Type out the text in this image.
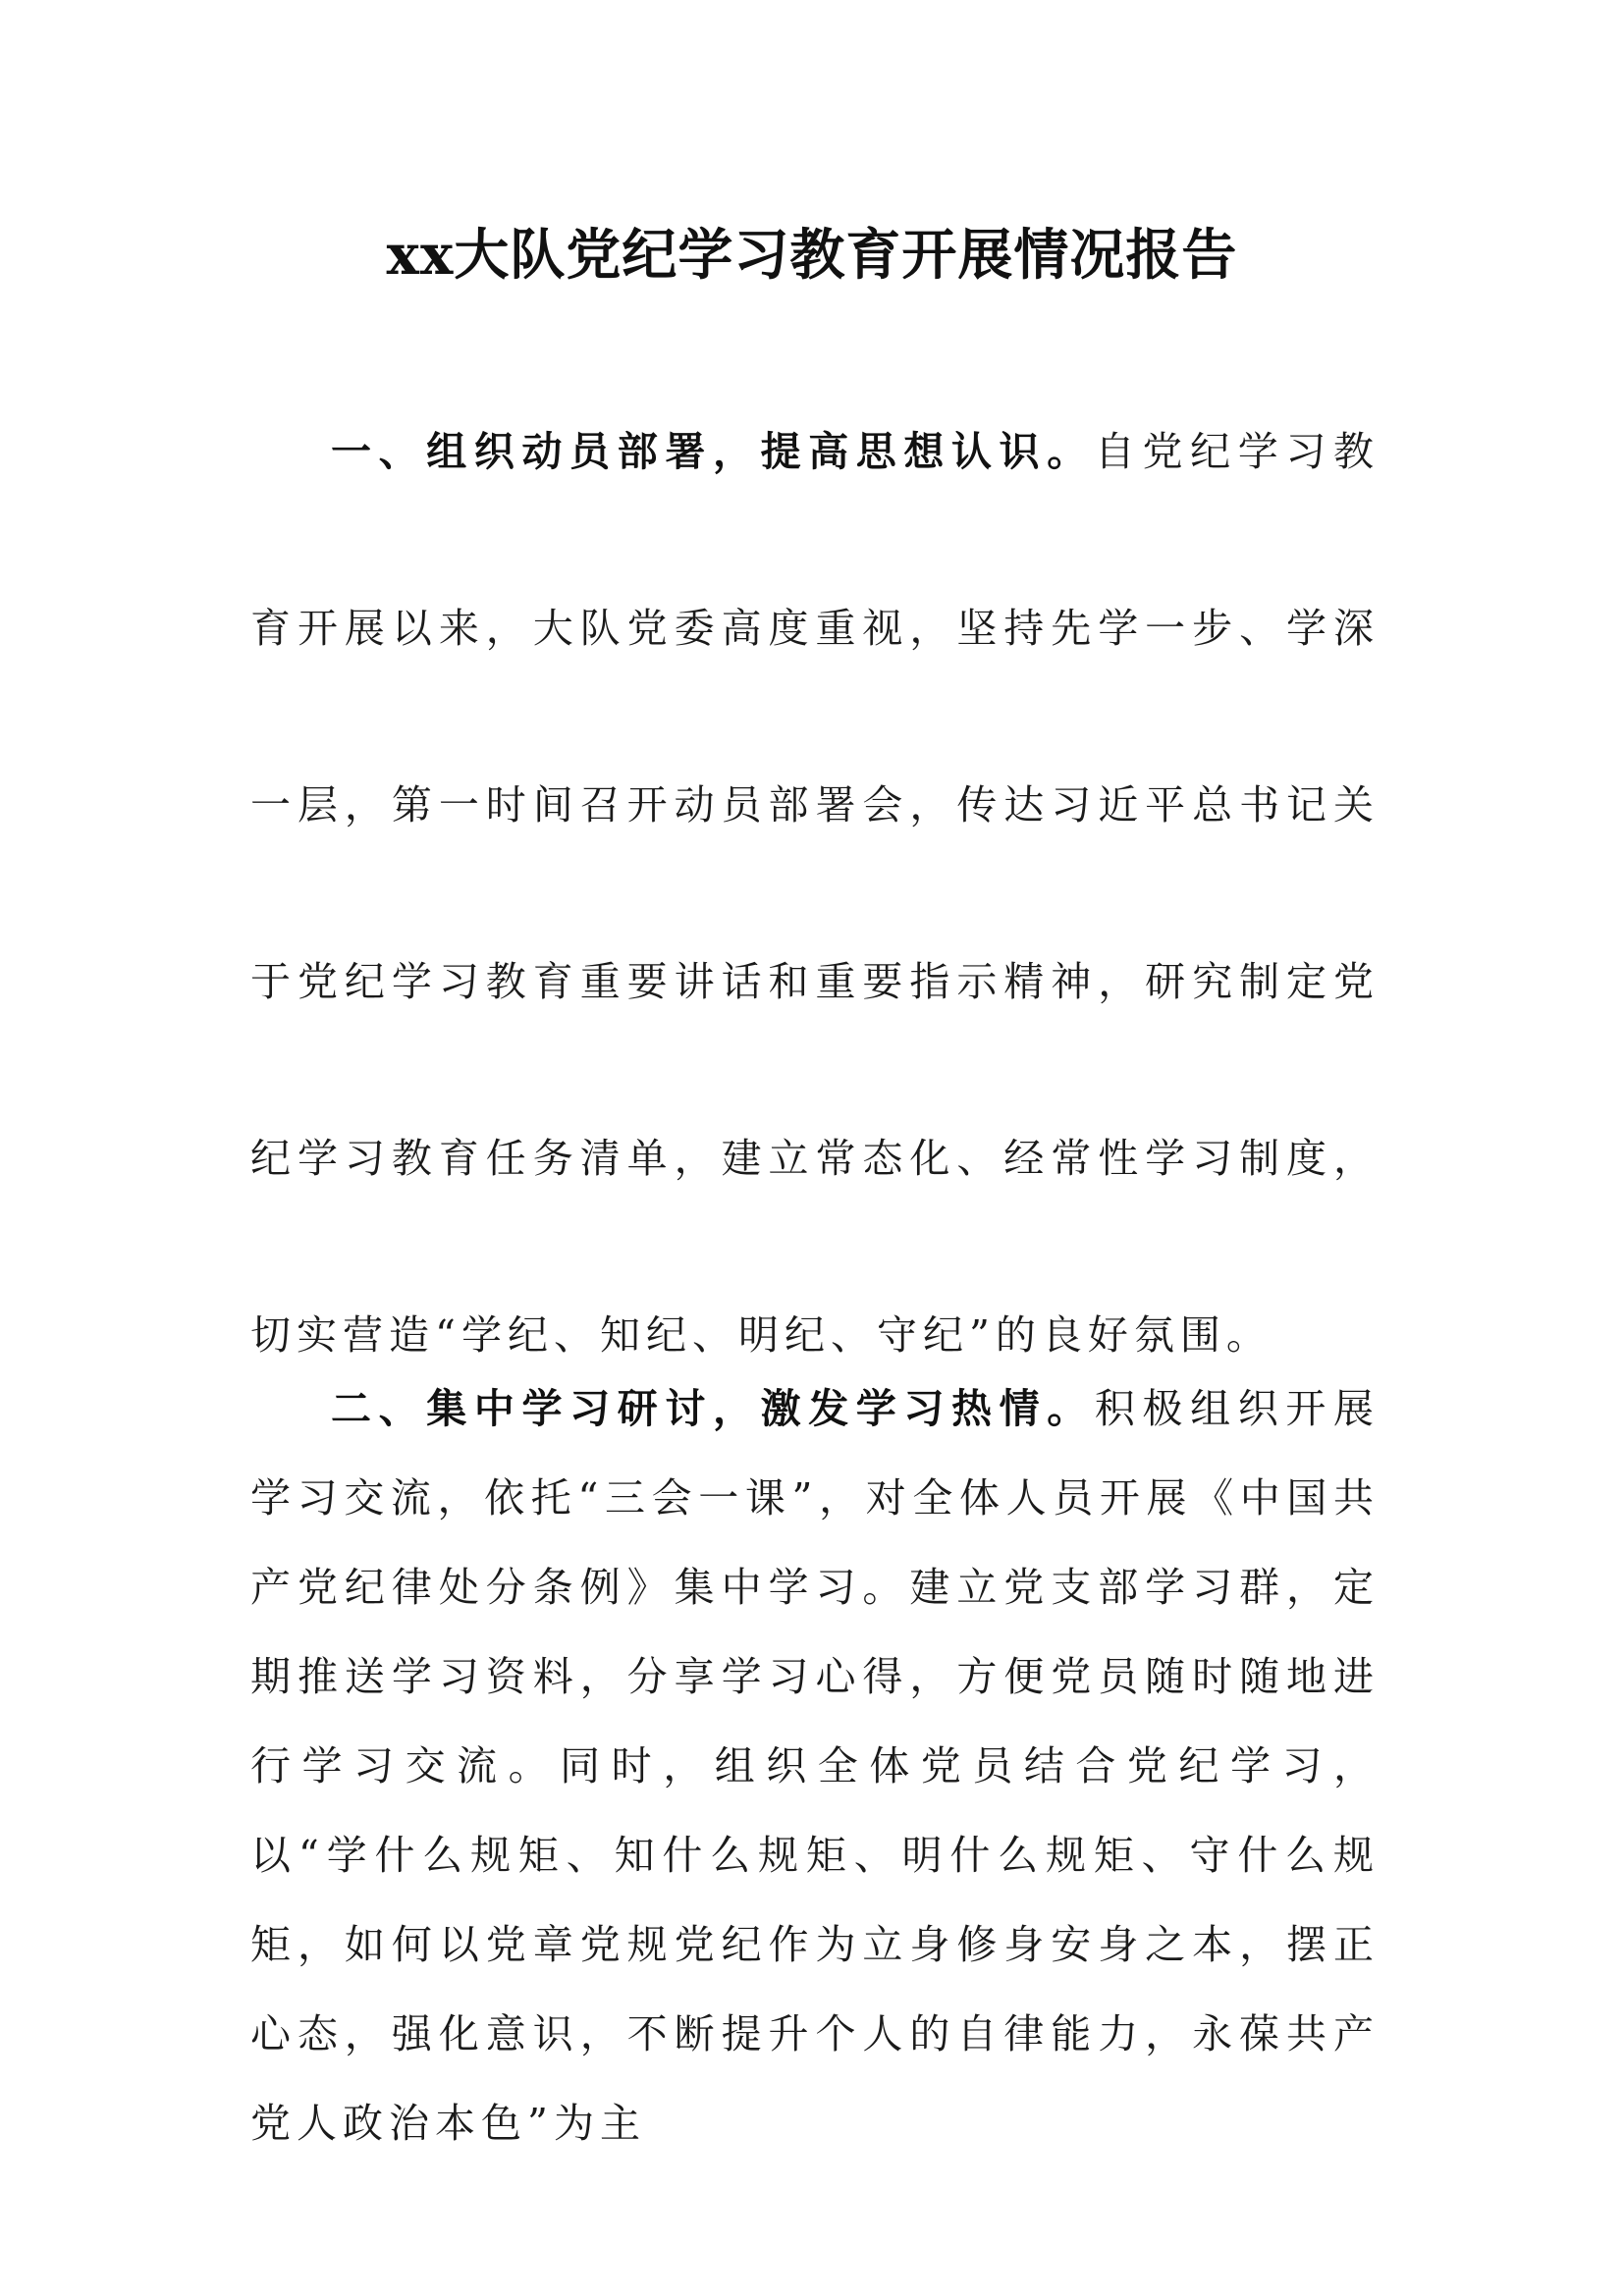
xx大队党纪学习教育开展情况报告

一、组织动员部署，提高思想认识。自党纪学习教育开展以来，大队党委高度重视，坚持先学一步、学深一层，第一时间召开动员部署会，传达习近平总书记关于党纪学习教育重要讲话和重要指示精神，研究制定党纪学习教育任务清单，建立常态化、经常性学习制度，切实营造“学纪、知纪、明纪、守纪”的良好氛围。

二、集中学习研讨，激发学习热情。积极组织开展学习交流，依托“三会一课”，对全体人员开展《中国共产党纪律处分条例》集中学习。建立党支部学习群，定期推送学习资料，分享学习心得，方便党员随时随地进行学习交流。同时，组织全体党员结合党纪学习，以“学什么规矩、知什么规矩、明什么规矩、守什么规矩，如何以党章党规党纪作为立身修身安身之本，摆正心态，强化意识，不断提升个人的自律能力，永葆共产党人政治本色”为主
